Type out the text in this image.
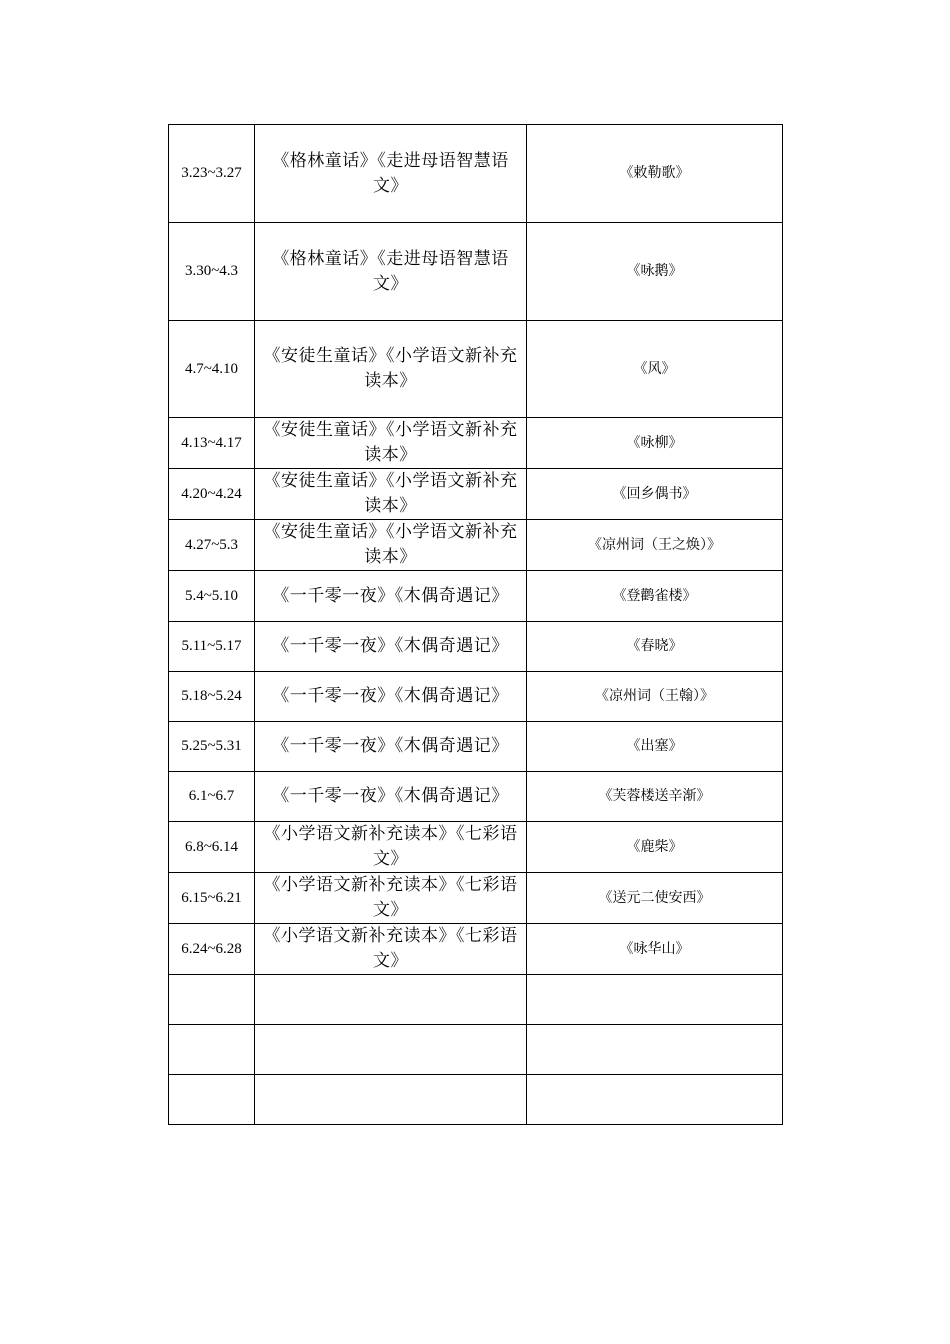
3.23~3.27	《格林童话》《走进母语智慧语文》	《敕勒歌》
3.30~4.3	《格林童话》《走进母语智慧语文》	《咏鹅》
4.7~4.10	《安徒生童话》《小学语文新补充读本》	《风》
4.13~4.17	《安徒生童话》《小学语文新补充读本》	《咏柳》
4.20~4.24	《安徒生童话》《小学语文新补充读本》	《回乡偶书》
4.27~5.3	《安徒生童话》《小学语文新补充读本》	《凉州词（王之焕）》
5.4~5.10	《一千零一夜》《木偶奇遇记》	《登鹳雀楼》
5.11~5.17	《一千零一夜》《木偶奇遇记》	《春晓》
5.18~5.24	《一千零一夜》《木偶奇遇记》	《凉州词（王翰）》
5.25~5.31	《一千零一夜》《木偶奇遇记》	《出塞》
6.1~6.7	《一千零一夜》《木偶奇遇记》	《芙蓉楼送辛渐》
6.8~6.14	《小学语文新补充读本》《七彩语文》	《鹿柴》
6.15~6.21	《小学语文新补充读本》《七彩语文》	《送元二使安西》
6.24~6.28	《小学语文新补充读本》《七彩语文》	《咏华山》
